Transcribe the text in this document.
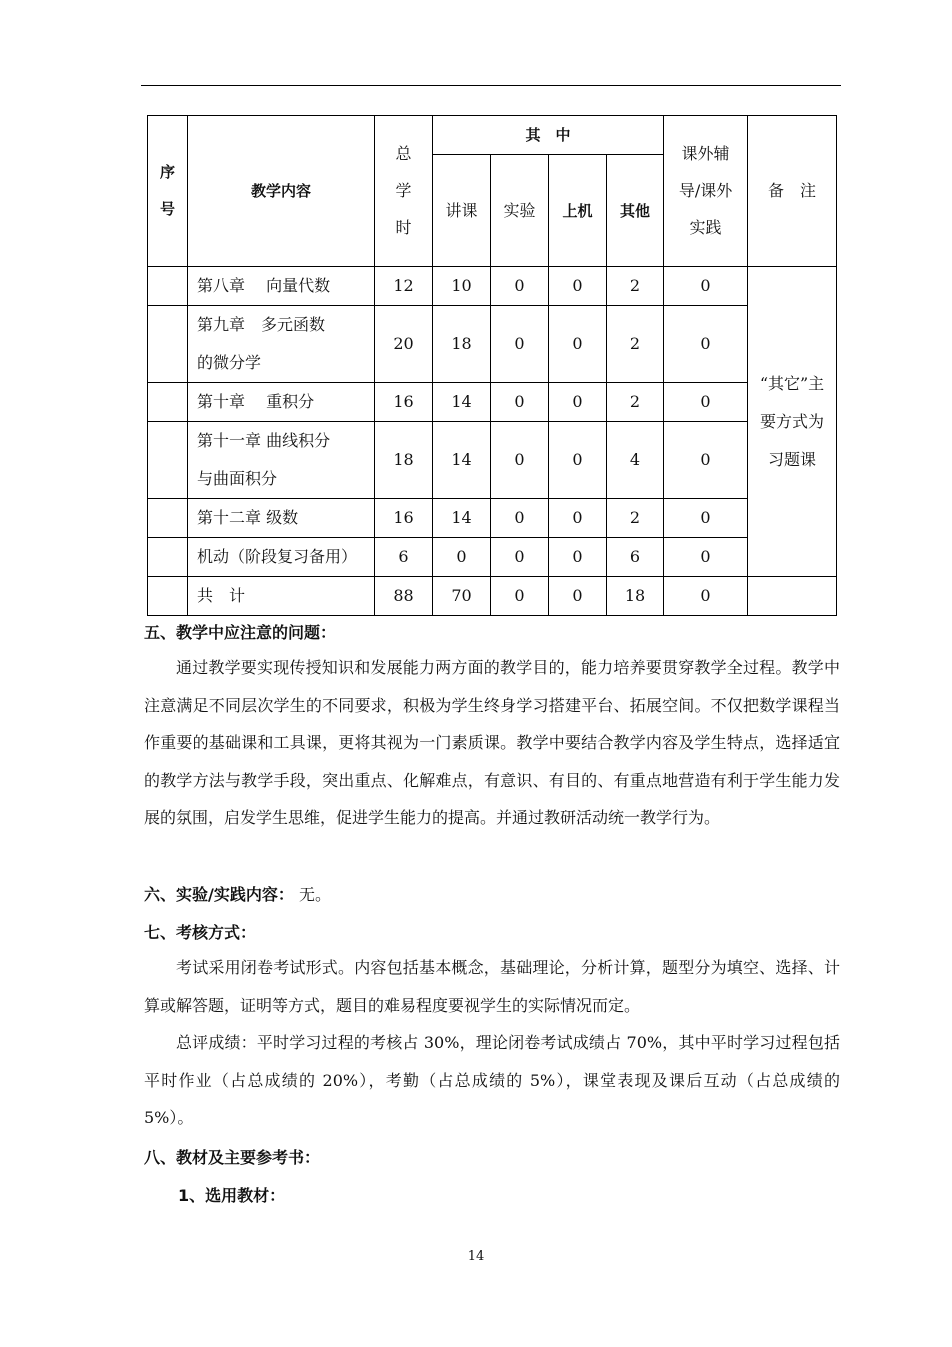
序号	教学内容	总学时	其　中				课外辅导/课外实践	备　注
			讲课	实验	上机	其他		
	第八章　 向量代数	12	10	0	0	2	0	“其它”主要方式为习题课
	第九章　多元函数的微分学	20	18	0	0	2	0	
	第十章　 重积分	16	14	0	0	2	0	
	第十一章 曲线积分与曲面积分	18	14	0	0	4	0	
	第十二章 级数	16	14	0	0	2	0	
	机动（阶段复习备用）	6	0	0	0	6	0	
	共　计	88	70	0	0	18	0	
五、教学中应注意的问题：

通过教学要实现传授知识和发展能力两方面的教学目的，能力培养要贯穿教学全过程。教学中注意满足不同层次学生的不同要求，积极为学生终身学习搭建平台、拓展空间。不仅把数学课程当作重要的基础课和工具课，更将其视为一门素质课。教学中要结合教学内容及学生特点，选择适宜的教学方法与教学手段，突出重点、化解难点，有意识、有目的、有重点地营造有利于学生能力发展的氛围，启发学生思维，促进学生能力的提高。并通过教研活动统一教学行为。

六、实验/实践内容： 无。
七、考核方式：

考试采用闭卷考试形式。内容包括基本概念，基础理论，分析计算，题型分为填空、选择、计算或解答题，证明等方式，题目的难易程度要视学生的实际情况而定。

总评成绩：平时学习过程的考核占 30%，理论闭卷考试成绩占 70%，其中平时学习过程包括平时作业（占总成绩的 20%），考勤（占总成绩的 5%），课堂表现及课后互动（占总成绩的 5%）。

八、教材及主要参考书：
1、选用教材：
14
